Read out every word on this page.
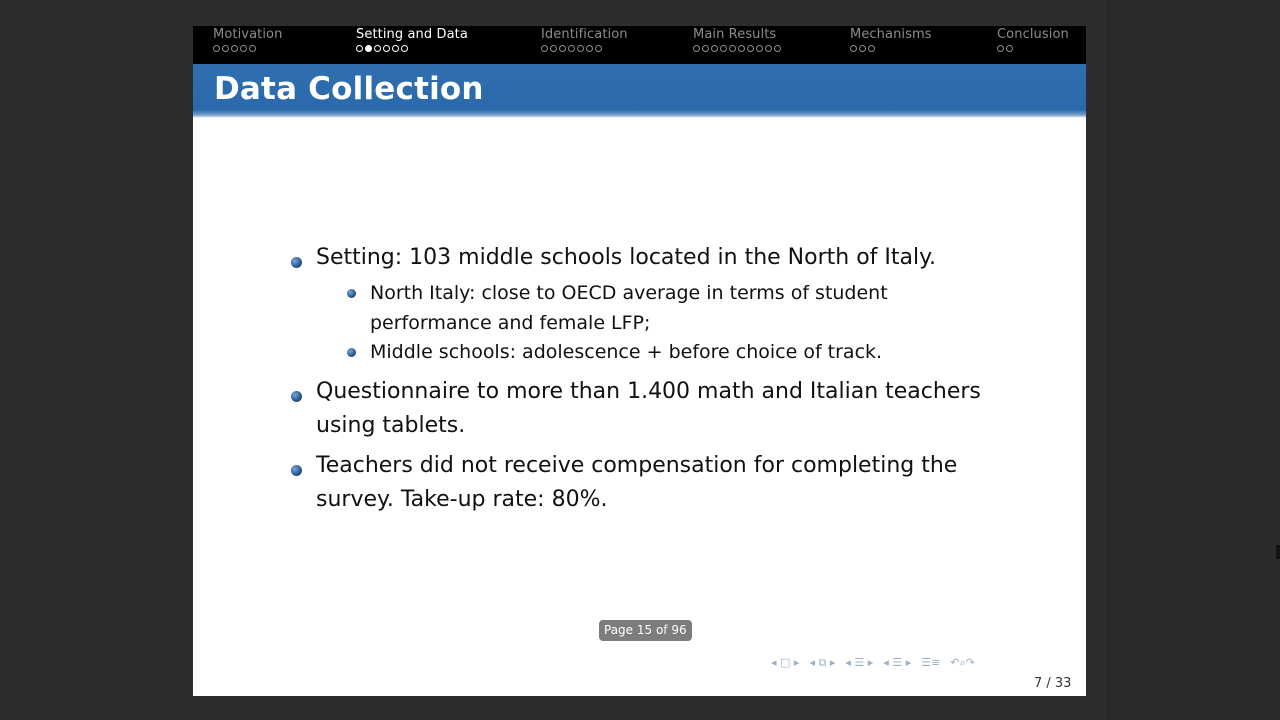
Motivation	Setting and Data	Identification	Main Results	Mechanisms	Conclusion
Data Collection
Setting: 103 middle schools located in the North of Italy.
North Italy: close to OECD average in terms of student
performance and female LFP;
Middle schools: adolescence + before choice of track.
Questionnaire to more than 1.400 math and Italian teachers
using tablets.
Teachers did not receive compensation for completing the
survey. Take-up rate: 80%.
Page 15 of 96
◂ □ ▸ ◂ ⧉ ▸ ◂ ☰ ▸ ◂ ☰ ▸ ☰≡ ↶ ⌕ ↷
7 / 33
